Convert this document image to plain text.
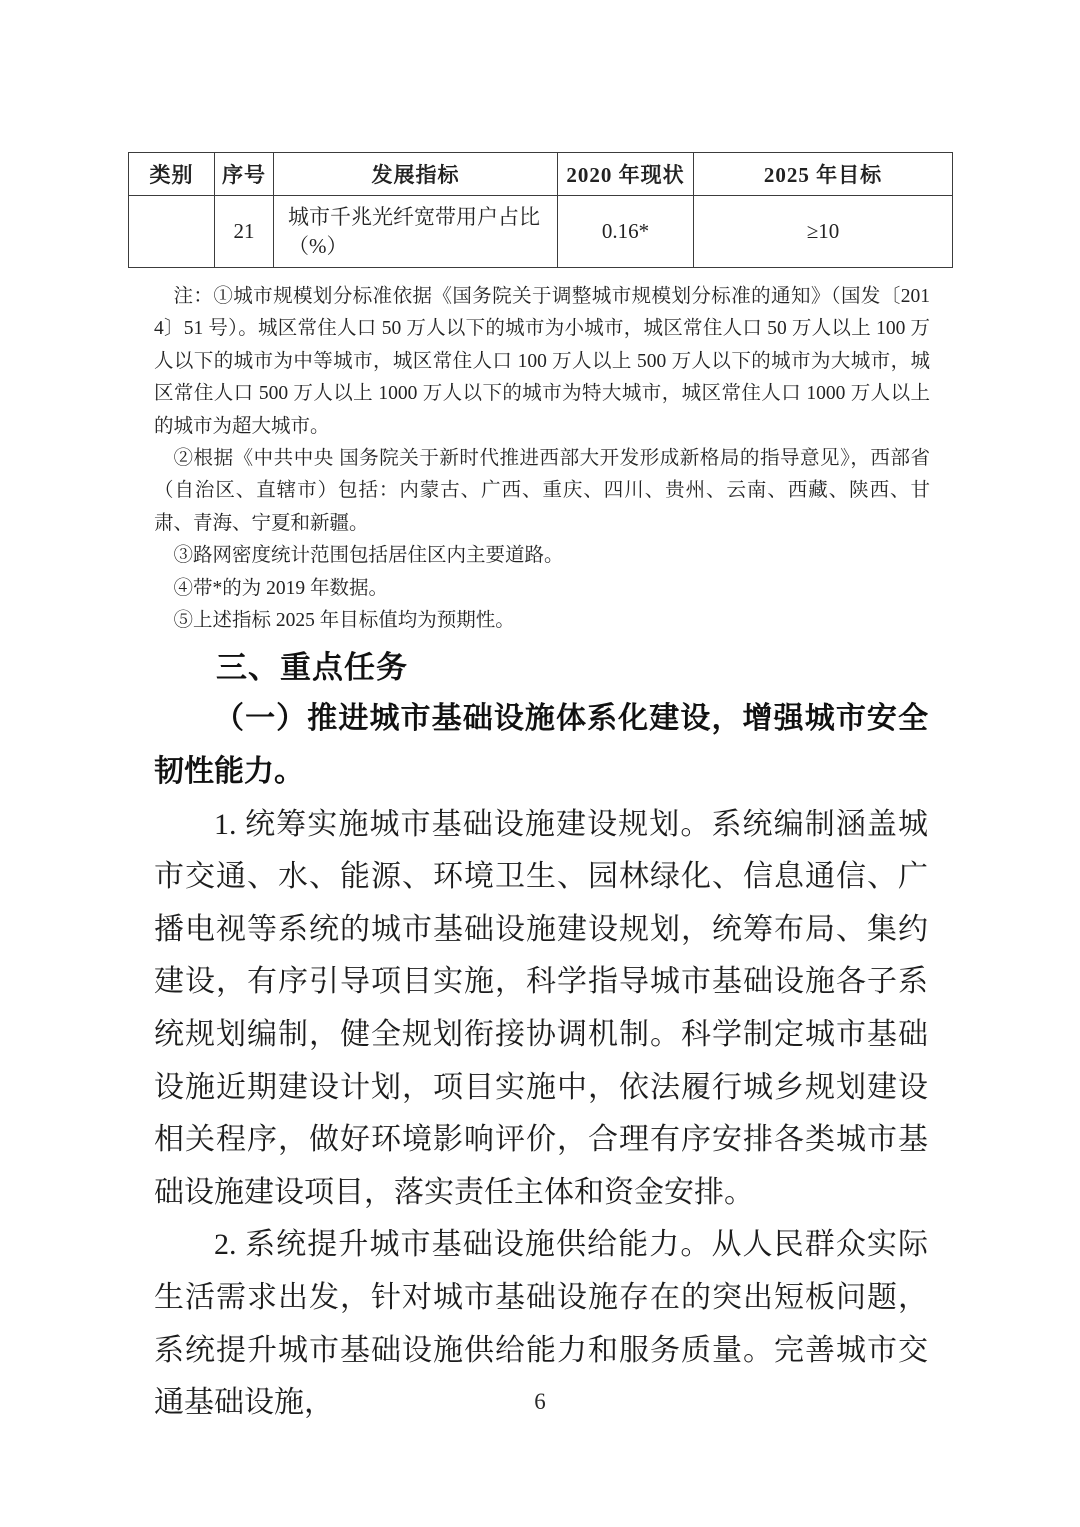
类别	序号	发展指标	2020 年现状	2025 年目标
	21	城市千兆光纤宽带用户占比 （%）	0.16*	≥10

注：①城市规模划分标准依据《国务院关于调整城市规模划分标准的通知》（国发〔2014〕51 号）。城区常住人口 50 万人以下的城市为小城市，城区常住人口 50 万人以上 100 万人以下的城市为中等城市，城区常住人口 100 万人以上 500 万人以下的城市为大城市，城区常住人口 500 万人以上 1000 万人以下的城市为特大城市，城区常住人口 1000 万人以上的城市为超大城市。

②根据《中共中央 国务院关于新时代推进西部大开发形成新格局的指导意见》，西部省（自治区、直辖市）包括：内蒙古、广西、重庆、四川、贵州、云南、西藏、陕西、甘肃、青海、宁夏和新疆。

③路网密度统计范围包括居住区内主要道路。

④带*的为 2019 年数据。

⑤上述指标 2025 年目标值均为预期性。

三、重点任务

（一）推进城市基础设施体系化建设，增强城市安全韧性能力。

1. 统筹实施城市基础设施建设规划。系统编制涵盖城市交通、水、能源、环境卫生、园林绿化、信息通信、广播电视等系统的城市基础设施建设规划，统筹布局、集约建设，有序引导项目实施，科学指导城市基础设施各子系统规划编制，健全规划衔接协调机制。科学制定城市基础设施近期建设计划，项目实施中，依法履行城乡规划建设相关程序，做好环境影响评价，合理有序安排各类城市基础设施建设项目，落实责任主体和资金安排。

2. 系统提升城市基础设施供给能力。从人民群众实际生活需求出发，针对城市基础设施存在的突出短板问题，系统提升城市基础设施供给能力和服务质量。完善城市交通基础设施，	6
